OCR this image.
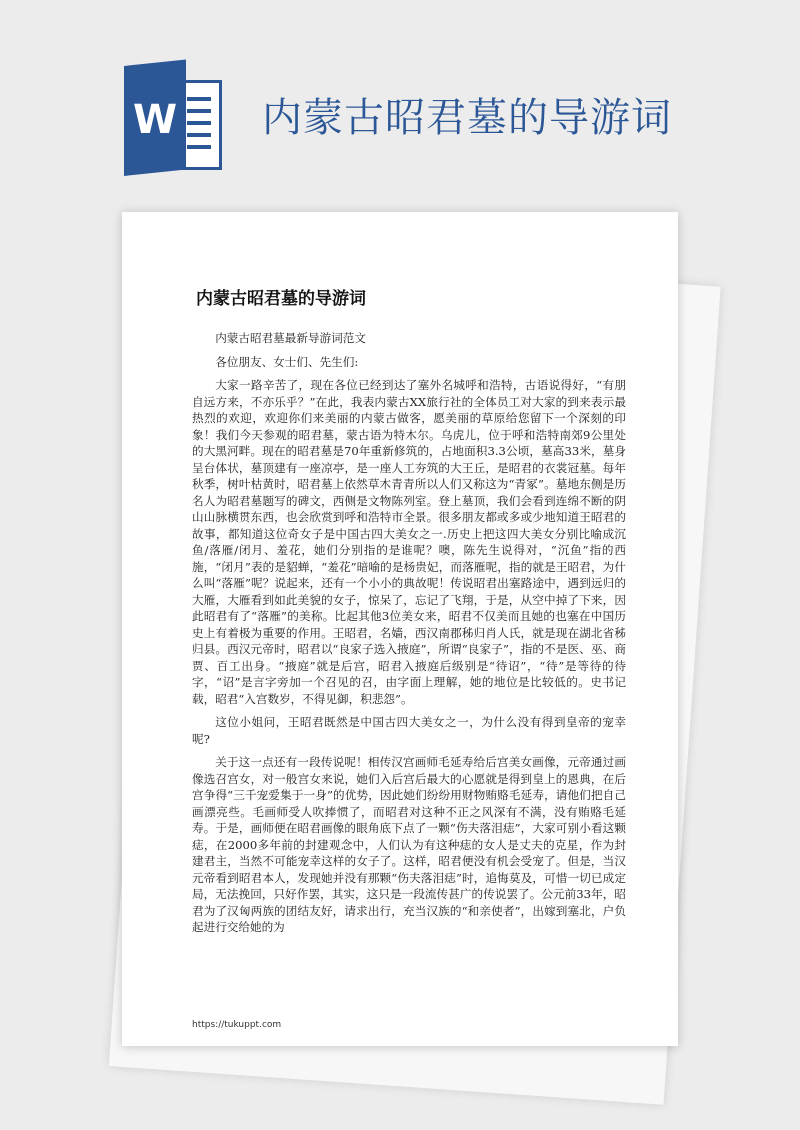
W 内蒙古昭君墓的导游词
内蒙古昭君墓的导游词

内蒙古昭君墓最新导游词范文

各位朋友、女士们、先生们:

大家一路辛苦了，现在各位已经到达了塞外名城呼和浩特，古语说得好，“有朋自远方来，不亦乐乎？”在此，我表内蒙古XX旅行社的全体员工对大家的到来表示最热烈的欢迎，欢迎你们来美丽的内蒙古做客，愿美丽的草原给您留下一个深刻的印象！我们今天参观的昭君墓，蒙古语为特木尔。乌虎儿，位于呼和浩特南郊9公里处的大黑河畔。现在的昭君墓是70年重新修筑的，占地面积3.3公顷，墓高33米，墓身呈台体状，墓顶建有一座凉亭，是一座人工夯筑的大王丘，是昭君的衣裳冠墓。每年秋季，树叶枯黄时，昭君墓上依然草木青青所以人们又称这为“青冢”。墓地东侧是历名人为昭君墓题写的碑文，西侧是文物陈列室。登上墓顶，我们会看到连绵不断的阴山山脉横贯东西，也会欣赏到呼和浩特市全景。很多朋友都或多或少地知道王昭君的故事，都知道这位奇女子是中国古四大美女之一.历史上把这四大美女分别比喻成沉鱼/落雁/闭月、羞花，她们分别指的是谁呢？噢，陈先生说得对，“沉鱼”指的西施，“闭月”表的是貂蝉，“羞花”暗喻的是杨贵妃，而落雁呢，指的就是王昭君，为什么叫“落雁”呢？说起来，还有一个小小的典故呢！传说昭君出塞路途中，遇到远归的大雁，大雁看到如此美貌的女子，惊呆了，忘记了飞翔，于是，从空中掉了下来，因此昭君有了“落雁”的美称。比起其他3位美女来，昭君不仅美而且她的也塞在中国历史上有着极为重要的作用。王昭君，名嫱，西汉南郡秭归肖人氏，就是现在湖北省秭归县。西汉元帝时，昭君以“良家子选入掖庭”，所谓“良家子”，指的不是医、巫、商贾、百工出身。“掖庭”就是后宫，昭君入掖庭后级别是“待诏”，“待”是等待的待字，“诏”是言字旁加一个召见的召，由字面上理解，她的地位是比较低的。史书记载，昭君“入宫数岁，不得见御，积悲怨”。

这位小姐问，王昭君既然是中国古四大美女之一，为什么没有得到皇帝的宠幸呢?

关于这一点还有一段传说呢！相传汉宫画师毛延寿给后宫美女画像，元帝通过画像选召宫女，对一般宫女来说，她们入后宫后最大的心愿就是得到皇上的恩典，在后宫争得“三千宠爱集于一身”的优势，因此她们纷纷用财物贿赂毛延寿，请他们把自己画漂亮些。毛画师受人吹捧惯了，而昭君对这种不正之风深有不满，没有贿赂毛延寿。于是，画师便在昭君画像的眼角底下点了一颗“伤夫落泪痣”，大家可别小看这颗痣，在2000多年前的封建观念中，人们认为有这种痣的女人是丈夫的克星，作为封建君主，当然不可能宠幸这样的女子了。这样，昭君便没有机会受宠了。但是，当汉元帝看到昭君本人，发现她并没有那颗“伤夫落泪痣”时，追悔莫及，可惜一切已成定局，无法挽回，只好作罢，其实，这只是一段流传甚广的传说罢了。公元前33年，昭君为了汉匈两族的团结友好，请求出行，充当汉族的“和亲使者”，出嫁到塞北，户负起进行交给她的为

https://tukuppt.com
